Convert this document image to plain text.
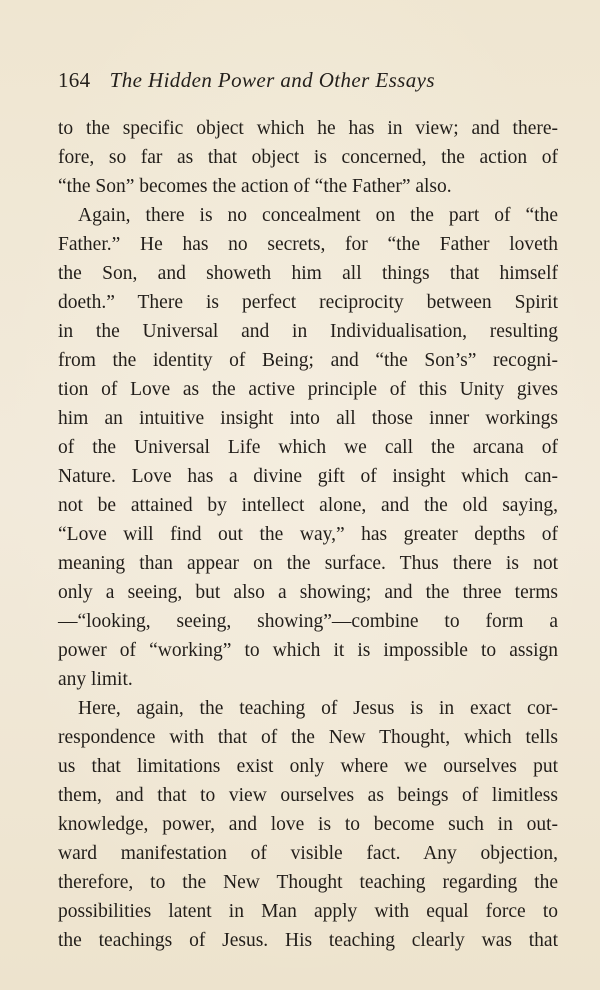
164 The Hidden Power and Other Essays
to the specific object which he has in view; and there-
fore, so far as that object is concerned, the action of
“the Son” becomes the action of “the Father” also.
Again, there is no concealment on the part of “the
Father.” He has no secrets, for “the Father loveth
the Son, and showeth him all things that himself
doeth.” There is perfect reciprocity between Spirit
in the Universal and in Individualisation, resulting
from the identity of Being; and “the Son’s” recogni-
tion of Love as the active principle of this Unity gives
him an intuitive insight into all those inner workings
of the Universal Life which we call the arcana of
Nature. Love has a divine gift of insight which can-
not be attained by intellect alone, and the old saying,
“Love will find out the way,” has greater depths of
meaning than appear on the surface. Thus there is not
only a seeing, but also a showing; and the three terms
—“looking, seeing, showing”—combine to form a
power of “working” to which it is impossible to assign
any limit.
Here, again, the teaching of Jesus is in exact cor-
respondence with that of the New Thought, which tells
us that limitations exist only where we ourselves put
them, and that to view ourselves as beings of limitless
knowledge, power, and love is to become such in out-
ward manifestation of visible fact. Any objection,
therefore, to the New Thought teaching regarding the
possibilities latent in Man apply with equal force to
the teachings of Jesus. His teaching clearly was that
